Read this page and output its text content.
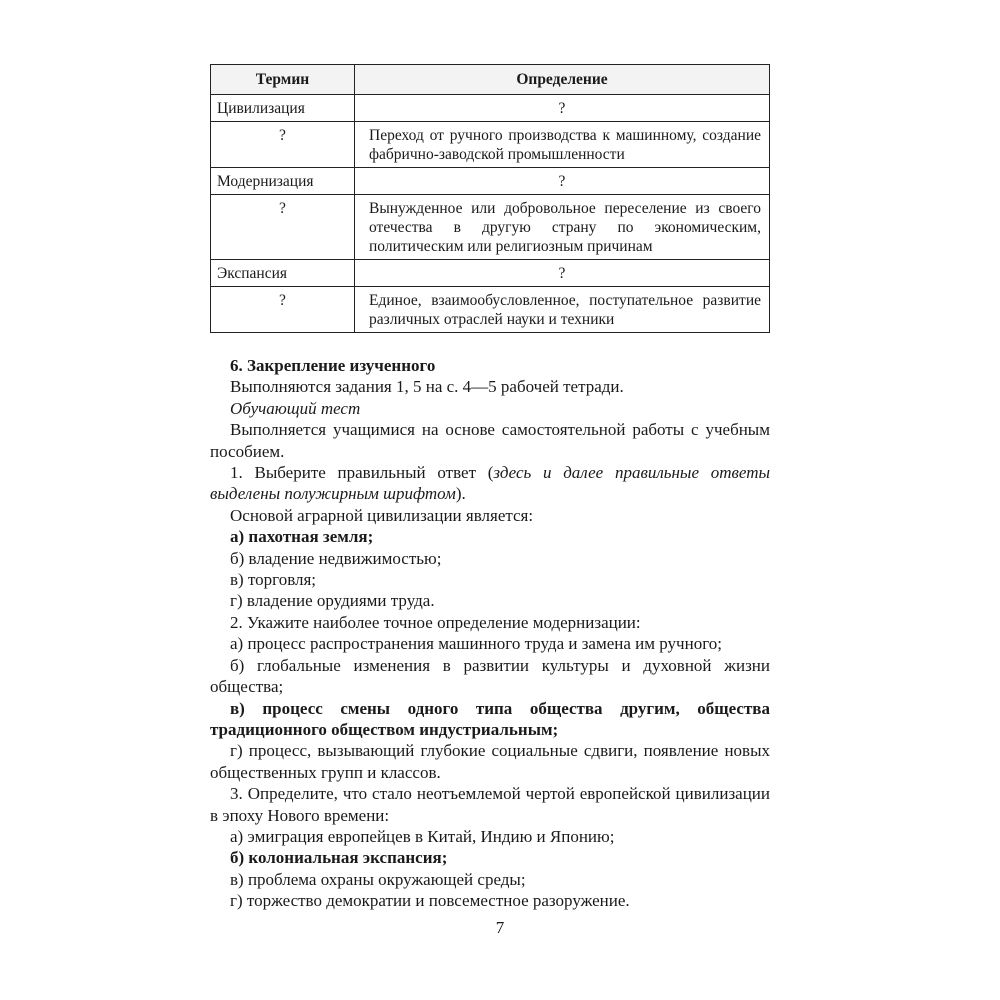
Термин	Определение
Цивилизация	?
?	Переход от ручного производства к машинному, создание фабрично-заводской промышленности
Модернизация	?
?	Вынужденное или добровольное переселение из своего отечества в другую страну по экономическим, политическим или религиозным причинам
Экспансия	?
?	Единое, взаимообусловленное, поступательное развитие различных отраслей науки и техники

6. Закрепление изученного

Выполняются задания 1, 5 на с. 4—5 рабочей тетради.

Обучающий тест

Выполняется учащимися на основе самостоятельной работы с учебным пособием.

1. Выберите правильный ответ (здесь и далее правильные ответы выделены полужирным шрифтом).

Основой аграрной цивилизации является:

а) пахотная земля;

б) владение недвижимостью;

в) торговля;

г) владение орудиями труда.

2. Укажите наиболее точное определение модернизации:

а) процесс распространения машинного труда и замена им ручного;

б) глобальные изменения в развитии культуры и духовной жизни общества;

в) процесс смены одного типа общества другим, общества традиционного обществом индустриальным;

г) процесс, вызывающий глубокие социальные сдвиги, появление новых общественных групп и классов.

3. Определите, что стало неотъемлемой чертой европейской цивилизации в эпоху Нового времени:

а) эмиграция европейцев в Китай, Индию и Японию;

б) колониальная экспансия;

в) проблема охраны окружающей среды;

г) торжество демократии и повсеместное разоружение.

7
